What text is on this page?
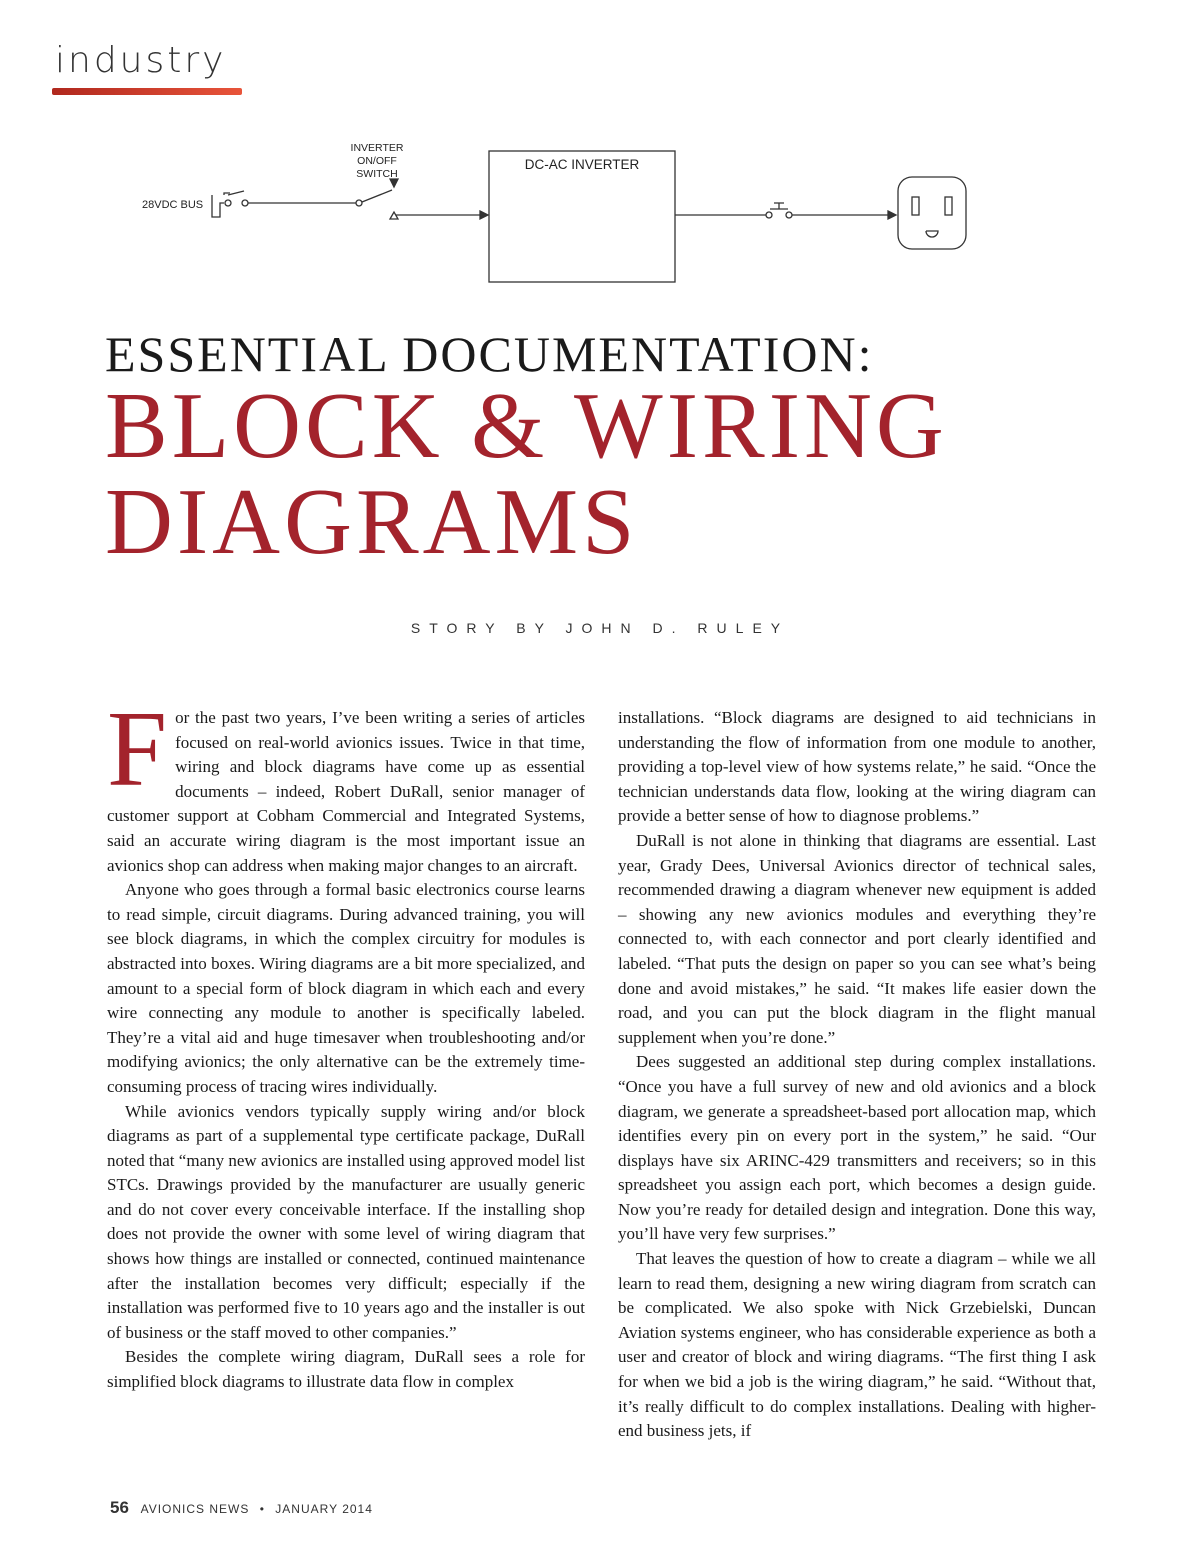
industry
28VDC BUS
INVERTER
ON/OFF
SWITCH
DC-AC INVERTER
ESSENTIAL DOCUMENTATION:
BLOCK & WIRING
DIAGRAMS
STORY BY JOHN D. RULEY

For the past two years, I’ve been writing a series of articles focused on real-world avionics issues. Twice in that time, wiring and block diagrams have come up as essential documents – indeed, Robert DuRall, senior manager of customer support at Cobham Commercial and Integrated Systems, said an accurate wiring diagram is the most important issue an avionics shop can address when making major changes to an aircraft.

Anyone who goes through a formal basic electronics course learns to read simple, circuit diagrams. During advanced training, you will see block diagrams, in which the complex circuitry for modules is abstracted into boxes. Wiring diagrams are a bit more specialized, and amount to a special form of block diagram in which each and every wire connecting any module to another is specifically labeled. They’re a vital aid and huge timesaver when troubleshooting and/or modifying avionics; the only alternative can be the extremely time-consuming process of tracing wires individually.

While avionics vendors typically supply wiring and/or block diagrams as part of a supplemental type certificate package, DuRall noted that “many new avionics are installed using approved model list STCs. Drawings provided by the manufacturer are usually generic and do not cover every conceivable interface. If the installing shop does not provide the owner with some level of wiring diagram that shows how things are installed or connected, continued maintenance after the installation becomes very difficult; especially if the installation was performed five to 10 years ago and the installer is out of business or the staff moved to other companies.”

Besides the complete wiring diagram, DuRall sees a role for simplified block diagrams to illustrate data flow in complex

installations. “Block diagrams are designed to aid technicians in understanding the flow of information from one module to another, providing a top-level view of how systems relate,” he said. “Once the technician understands data flow, looking at the wiring diagram can provide a better sense of how to diagnose problems.”

DuRall is not alone in thinking that diagrams are essential. Last year, Grady Dees, Universal Avionics director of technical sales, recommended drawing a diagram whenever new equipment is added – showing any new avionics modules and everything they’re connected to, with each connector and port clearly identified and labeled. “That puts the design on paper so you can see what’s being done and avoid mistakes,” he said. “It makes life easier down the road, and you can put the block diagram in the flight manual supplement when you’re done.”

Dees suggested an additional step during complex installations. “Once you have a full survey of new and old avionics and a block diagram, we generate a spreadsheet-based port allocation map, which identifies every pin on every port in the system,” he said. “Our displays have six ARINC-429 transmitters and receivers; so in this spreadsheet you assign each port, which becomes a design guide. Now you’re ready for detailed design and integration. Done this way, you’ll have very few surprises.”

That leaves the question of how to create a diagram – while we all learn to read them, designing a new wiring diagram from scratch can be complicated. We also spoke with Nick Grzebielski, Duncan Aviation systems engineer, who has considerable experience as both a user and creator of block and wiring diagrams. “The first thing I ask for when we bid a job is the wiring diagram,” he said. “Without that, it’s really difficult to do complex installations. Dealing with higher-end business jets, if

56 AVIONICS NEWS • JANUARY 2014
